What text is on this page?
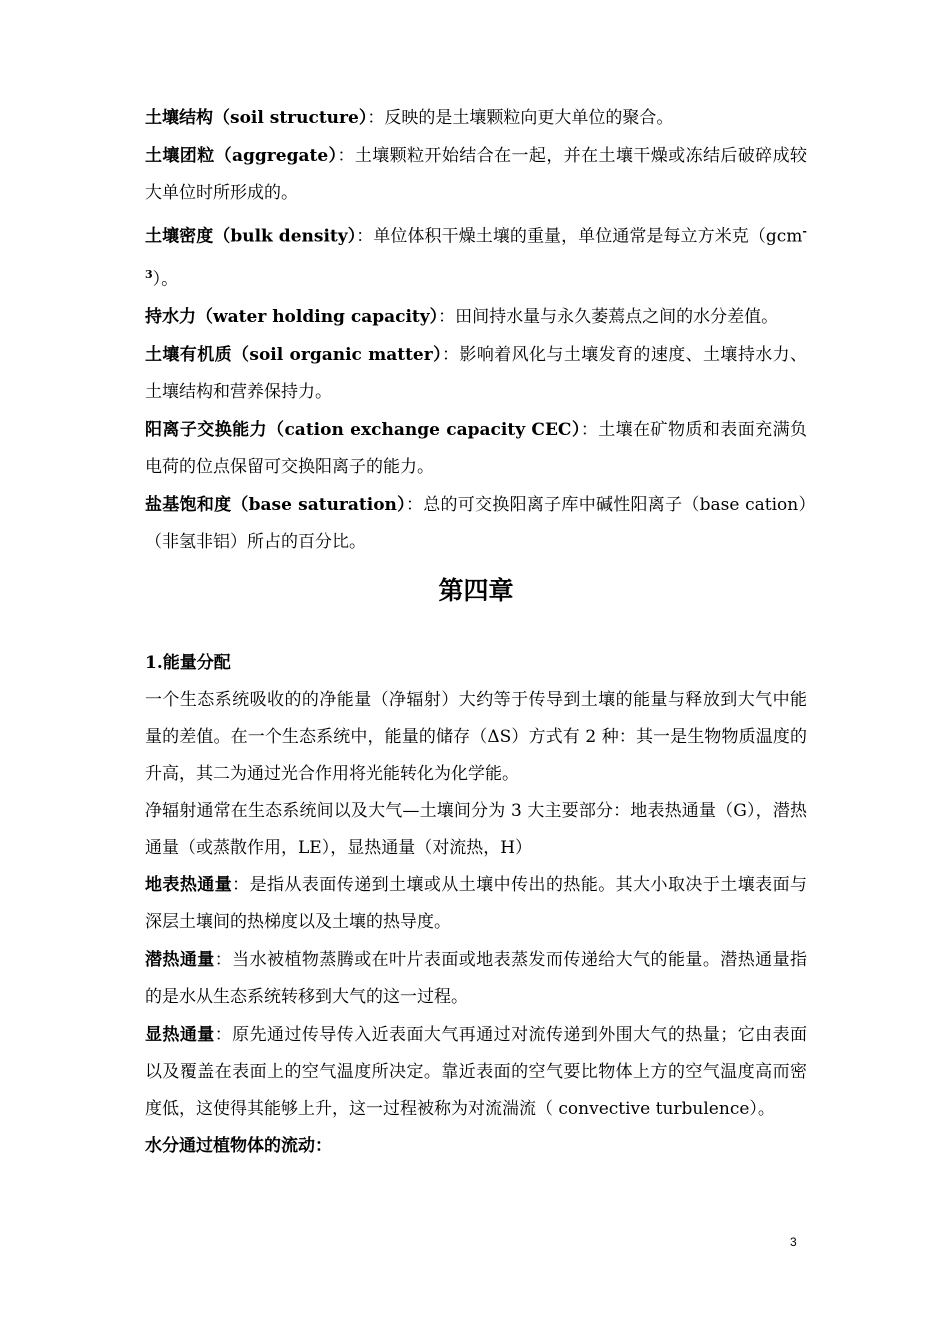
土壤结构（soil structure）：反映的是土壤颗粒向更大单位的聚合。

土壤团粒（aggregate）：土壤颗粒开始结合在一起，并在土壤干燥或冻结后破碎成较大单位时所形成的。

土壤密度（bulk density）：单位体积干燥土壤的重量，单位通常是每立方米克（gcm$^{-3}$）。

持水力（water holding capacity）：田间持水量与永久萎蔫点之间的水分差值。

土壤有机质（soil organic matter）：影响着风化与土壤发育的速度、土壤持水力、土壤结构和营养保持力。

阳离子交换能力（cation exchange capacity CEC）：土壤在矿物质和表面充满负电荷的位点保留可交换阳离子的能力。

盐基饱和度（base saturation）：总的可交换阳离子库中碱性阳离子（base cation）（非氢非铝）所占的百分比。

第四章

1.能量分配

一个生态系统吸收的的净能量（净辐射）大约等于传导到土壤的能量与释放到大气中能量的差值。在一个生态系统中，能量的储存（ΔS）方式有 2 种：其一是生物物质温度的升高，其二为通过光合作用将光能转化为化学能。

净辐射通常在生态系统间以及大气—土壤间分为 3 大主要部分：地表热通量（G），潜热通量（或蒸散作用，LE），显热通量（对流热，H）

地表热通量：是指从表面传递到土壤或从土壤中传出的热能。其大小取决于土壤表面与深层土壤间的热梯度以及土壤的热导度。

潜热通量：当水被植物蒸腾或在叶片表面或地表蒸发而传递给大气的能量。潜热通量指的是水从生态系统转移到大气的这一过程。

显热通量：原先通过传导传入近表面大气再通过对流传递到外围大气的热量；它由表面以及覆盖在表面上的空气温度所决定。靠近表面的空气要比物体上方的空气温度高而密度低，这使得其能够上升，这一过程被称为对流湍流（ convective turbulence）。

水分通过植物体的流动：

3
